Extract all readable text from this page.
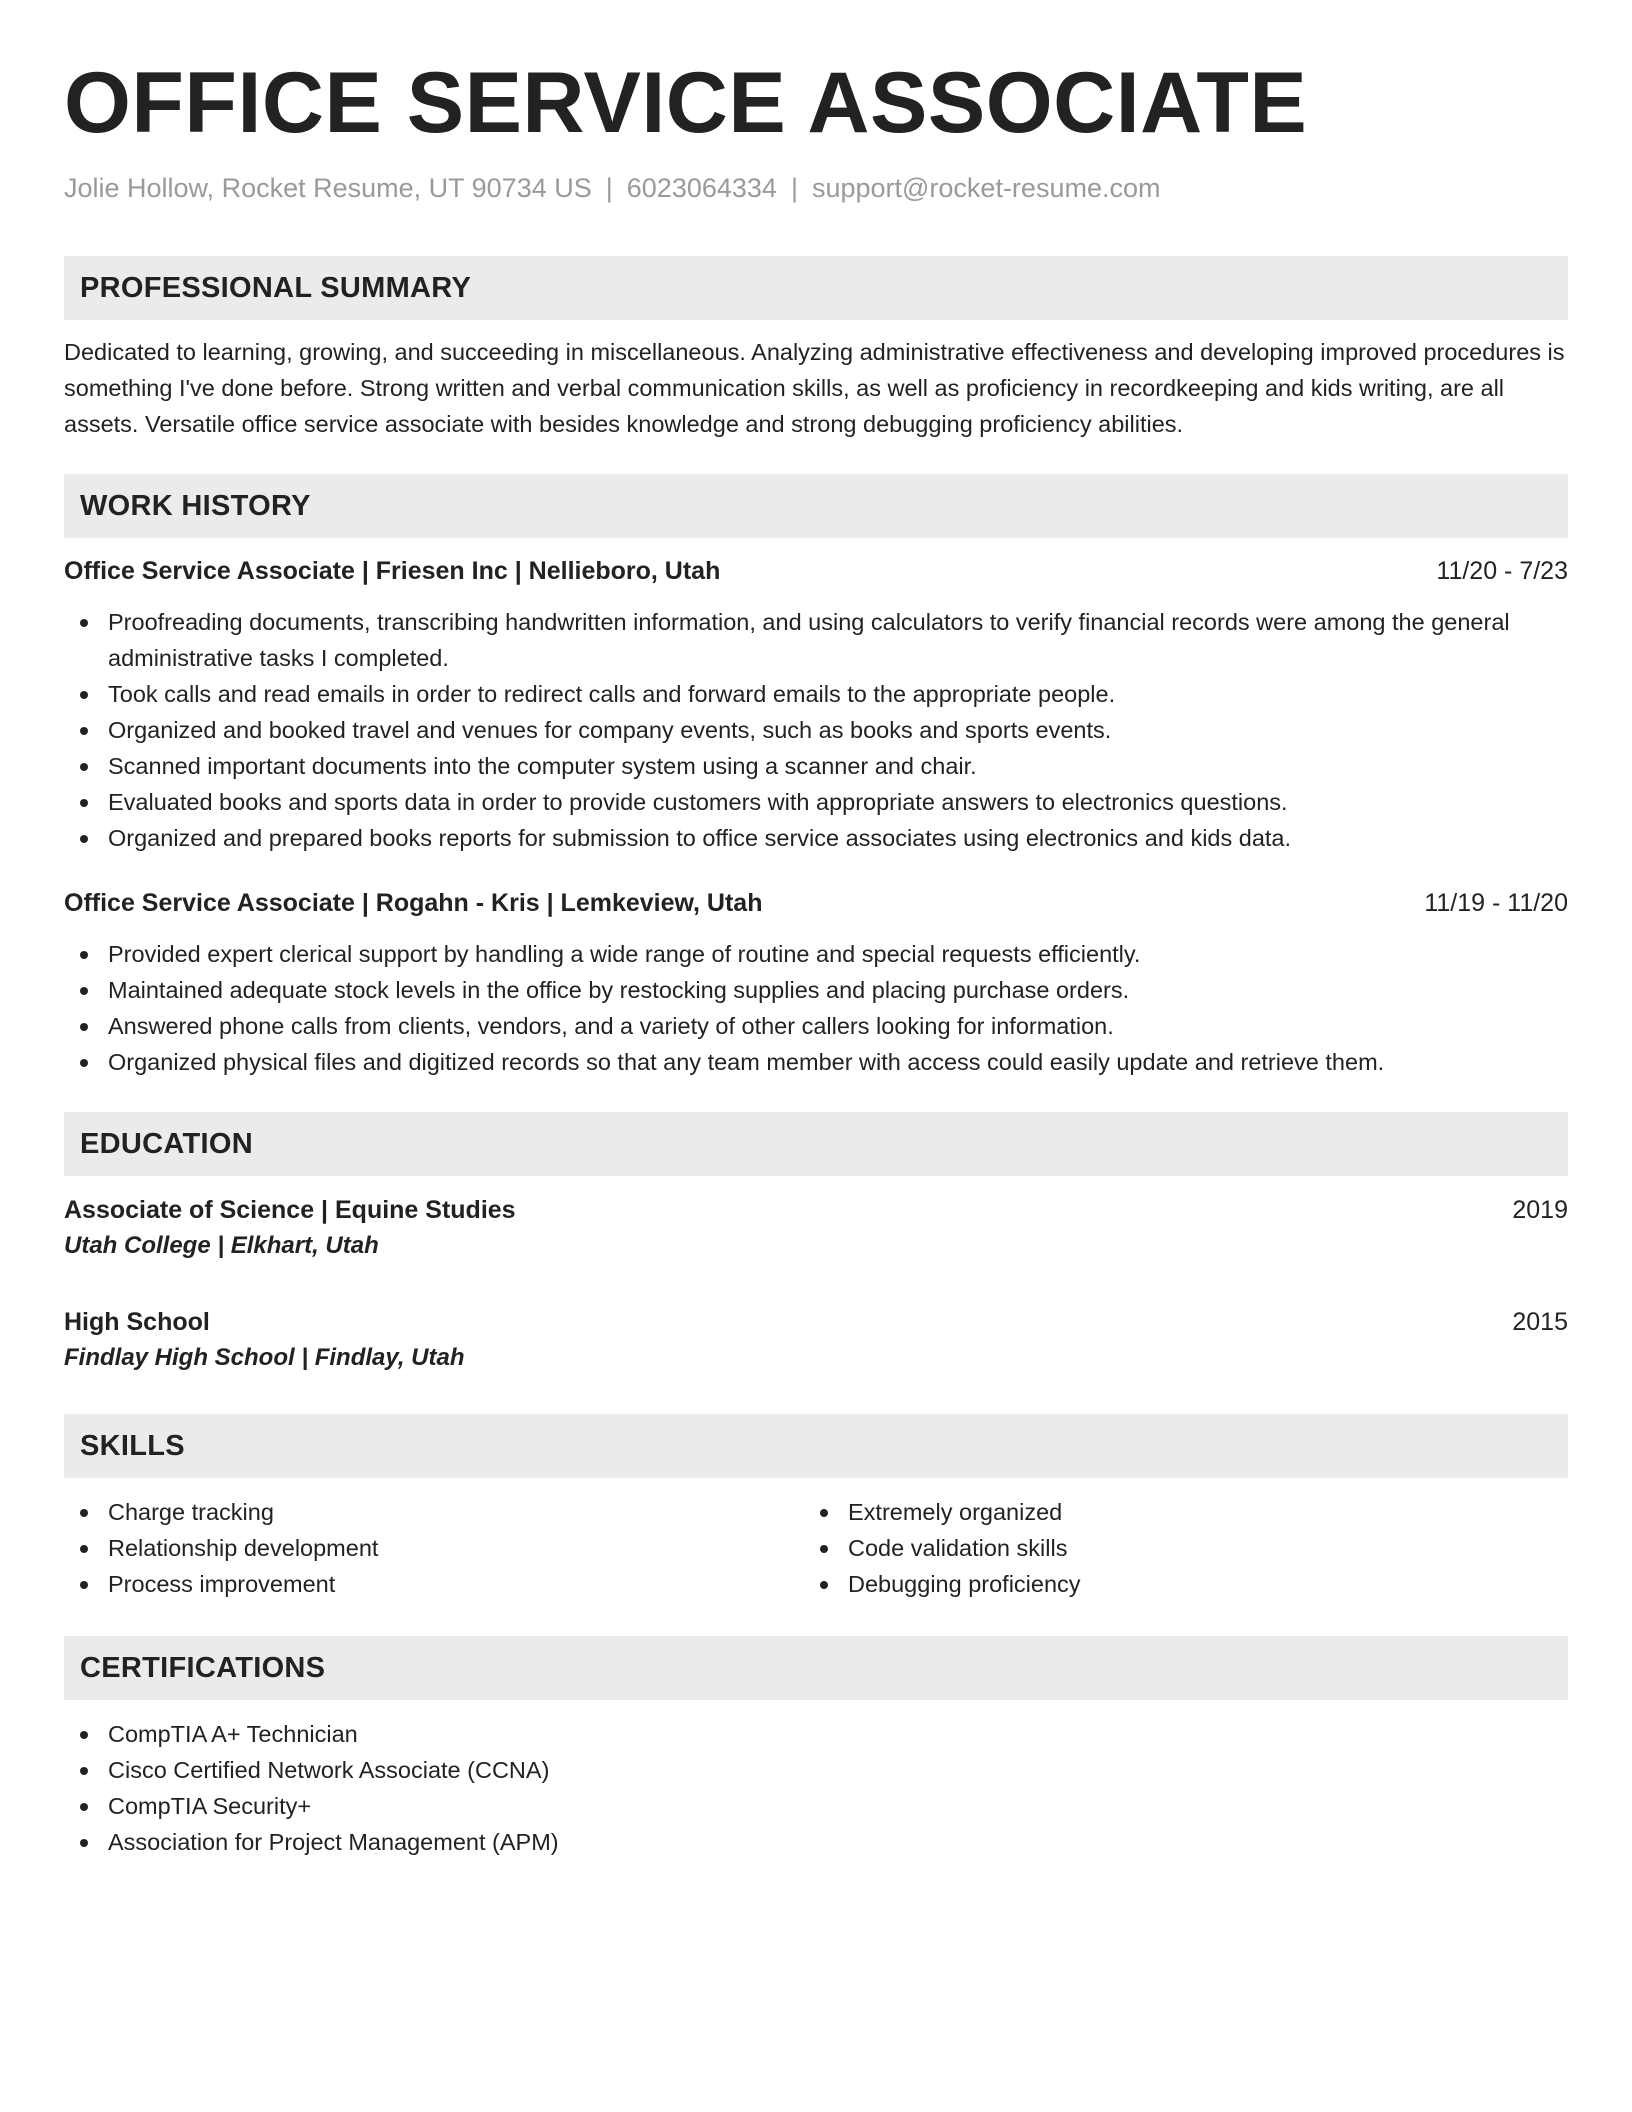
OFFICE SERVICE ASSOCIATE
Jolie Hollow, Rocket Resume, UT 90734 US | 6023064334 | support@rocket-resume.com
PROFESSIONAL SUMMARY

Dedicated to learning, growing, and succeeding in miscellaneous. Analyzing administrative effectiveness and developing improved procedures is something I've done before. Strong written and verbal communication skills, as well as proficiency in recordkeeping and kids writing, are all assets. Versatile office service associate with besides knowledge and strong debugging proficiency abilities.

WORK HISTORY
Office Service Associate | Friesen Inc | Nellieboro, Utah	11/20 - 7/23
Proofreading documents, transcribing handwritten information, and using calculators to verify financial records were among the general administrative tasks I completed.
Took calls and read emails in order to redirect calls and forward emails to the appropriate people.
Organized and booked travel and venues for company events, such as books and sports events.
Scanned important documents into the computer system using a scanner and chair.
Evaluated books and sports data in order to provide customers with appropriate answers to electronics questions.
Organized and prepared books reports for submission to office service associates using electronics and kids data.
Office Service Associate | Rogahn - Kris | Lemkeview, Utah	11/19 - 11/20
Provided expert clerical support by handling a wide range of routine and special requests efficiently.
Maintained adequate stock levels in the office by restocking supplies and placing purchase orders.
Answered phone calls from clients, vendors, and a variety of other callers looking for information.
Organized physical files and digitized records so that any team member with access could easily update and retrieve them.
EDUCATION
Associate of Science | Equine Studies	2019
Utah College | Elkhart, Utah
High School	2015
Findlay High School | Findlay, Utah
SKILLS
Charge tracking
Relationship development
Process improvement
Extremely organized
Code validation skills
Debugging proficiency
CERTIFICATIONS
CompTIA A+ Technician
Cisco Certified Network Associate (CCNA)
CompTIA Security+
Association for Project Management (APM)
